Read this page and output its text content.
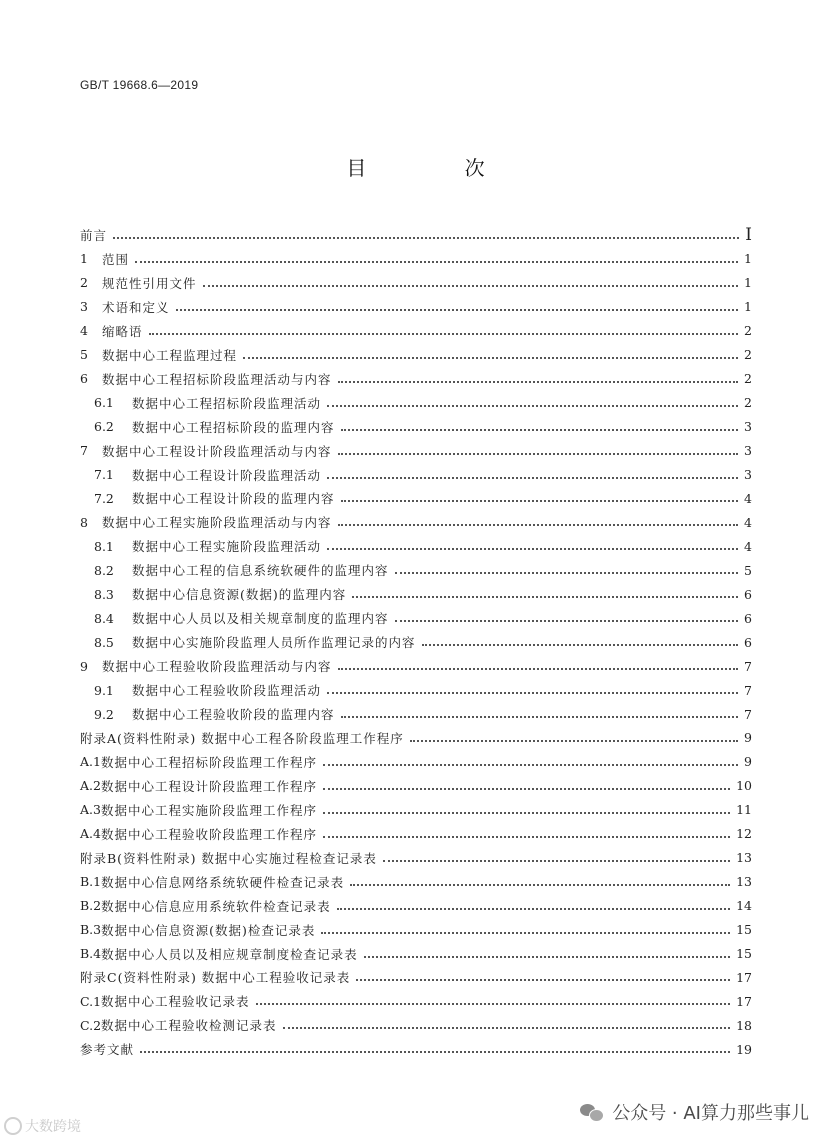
GB/T 19668.6—2019
目 次
前言	Ⅰ
1	范围	1
2	规范性引用文件	1
3	术语和定义	1
4	缩略语	2
5	数据中心工程监理过程	2
6	数据中心工程招标阶段监理活动与内容	2
6.1	数据中心工程招标阶段监理活动	2
6.2	数据中心工程招标阶段的监理内容	3
7	数据中心工程设计阶段监理活动与内容	3
7.1	数据中心工程设计阶段监理活动	3
7.2	数据中心工程设计阶段的监理内容	4
8	数据中心工程实施阶段监理活动与内容	4
8.1	数据中心工程实施阶段监理活动	4
8.2	数据中心工程的信息系统软硬件的监理内容	5
8.3	数据中心信息资源(数据)的监理内容	6
8.4	数据中心人员以及相关规章制度的监理内容	6
8.5	数据中心实施阶段监理人员所作监理记录的内容	6
9	数据中心工程验收阶段监理活动与内容	7
9.1	数据中心工程验收阶段监理活动	7
9.2	数据中心工程验收阶段的监理内容	7
附录A(资料性附录) 数据中心工程各阶段监理工作程序	9
A.1 数据中心工程招标阶段监理工作程序	9
A.2 数据中心工程设计阶段监理工作程序	10
A.3 数据中心工程实施阶段监理工作程序	11
A.4 数据中心工程验收阶段监理工作程序	12
附录B(资料性附录) 数据中心实施过程检查记录表	13
B.1 数据中心信息网络系统软硬件检查记录表	13
B.2 数据中心信息应用系统软件检查记录表	14
B.3 数据中心信息资源(数据)检查记录表	15
B.4 数据中心人员以及相应规章制度检查记录表	15
附录C(资料性附录) 数据中心工程验收记录表	17
C.1 数据中心工程验收记录表	17
C.2 数据中心工程验收检测记录表	18
参考文献	19
公众号 · AI算力那些事儿
大数跨境
